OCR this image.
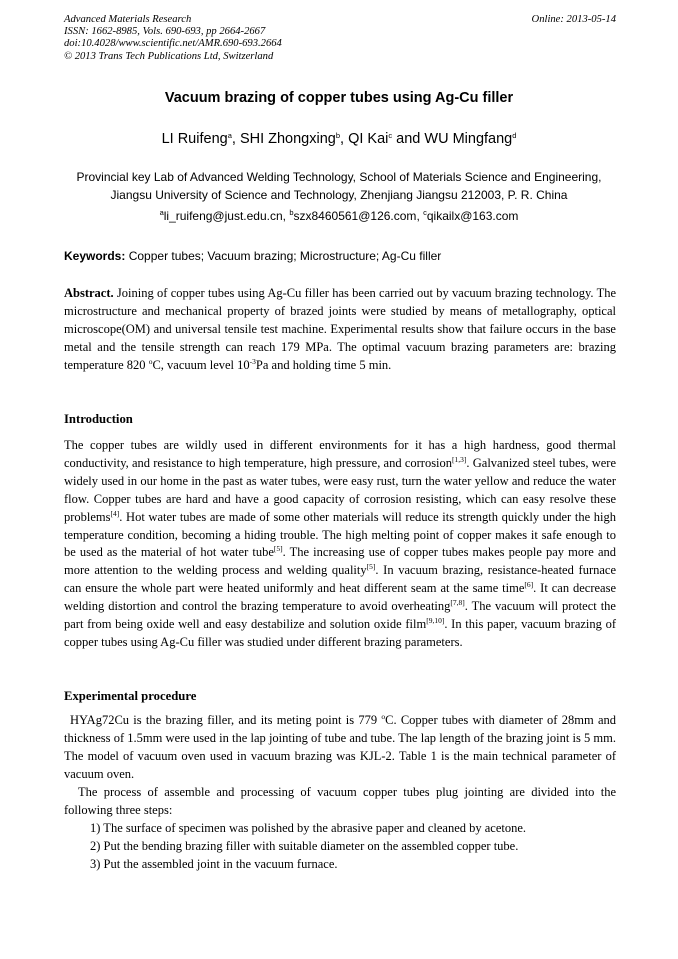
Advanced Materials Research
ISSN: 1662-8985, Vols. 690-693, pp 2664-2667
doi:10.4028/www.scientific.net/AMR.690-693.2664
© 2013 Trans Tech Publications Ltd, Switzerland
Online: 2013-05-14
Vacuum brazing of copper tubes using Ag-Cu filler
LI Ruifeng$^a$, SHI Zhongxing$^b$, QI Kai$^c$ and WU Mingfang$^d$
Provincial key Lab of Advanced Welding Technology, School of Materials Science and Engineering,
Jiangsu University of Science and Technology, Zhenjiang Jiangsu 212003, P. R. China
$^a$li_ruifeng@just.edu.cn, $^b$szx8460561@126.com, $^c$qikailx@163.com
Keywords: Copper tubes; Vacuum brazing; Microstructure; Ag-Cu filler
Abstract. Joining of copper tubes using Ag-Cu filler has been carried out by vacuum brazing technology. The microstructure and mechanical property of brazed joints were studied by means of metallography, optical microscope(OM) and universal tensile test machine. Experimental results show that failure occurs in the base metal and the tensile strength can reach 179 MPa. The optimal vacuum brazing parameters are: brazing temperature 820 $^o$C, vacuum level $10^{-3}Pa$ and holding time 5 min.
Introduction
The copper tubes are wildly used in different environments for it has a high hardness, good thermal conductivity, and resistance to high temperature, high pressure, and corrosion[1,3]. Galvanized steel tubes, were widely used in our home in the past as water tubes, were easy rust, turn the water yellow and reduce the water flow. Copper tubes are hard and have a good capacity of corrosion resisting, which can easy resolve these problems[4]. Hot water tubes are made of some other materials will reduce its strength quickly under the high temperature condition, becoming a hiding trouble. The high melting point of copper makes it safe enough to be used as the material of hot water tube[5]. The increasing use of copper tubes makes people pay more and more attention to the welding process and welding quality[5]. In vacuum brazing, resistance-heated furnace can ensure the whole part were heated uniformly and heat different seam at the same time[6]. It can decrease welding distortion and control the brazing temperature to avoid overheating[7,8]. The vacuum will protect the part from being oxide well and easy destabilize and solution oxide film[9,10]. In this paper, vacuum brazing of copper tubes using Ag-Cu filler was studied under different brazing parameters.
Experimental procedure
HYAg72Cu is the brazing filler, and its meting point is 779 $^o$C. Copper tubes with diameter of 28mm and thickness of 1.5mm were used in the lap jointing of tube and tube. The lap length of the brazing joint is 5 mm. The model of vacuum oven used in vacuum brazing was KJL-2. Table 1 is the main technical parameter of vacuum oven.
The process of assemble and processing of vacuum copper tubes plug jointing are divided into the following three steps:
1) The surface of specimen was polished by the abrasive paper and cleaned by acetone.
2) Put the bending brazing filler with suitable diameter on the assembled copper tube.
3) Put the assembled joint in the vacuum furnace.
